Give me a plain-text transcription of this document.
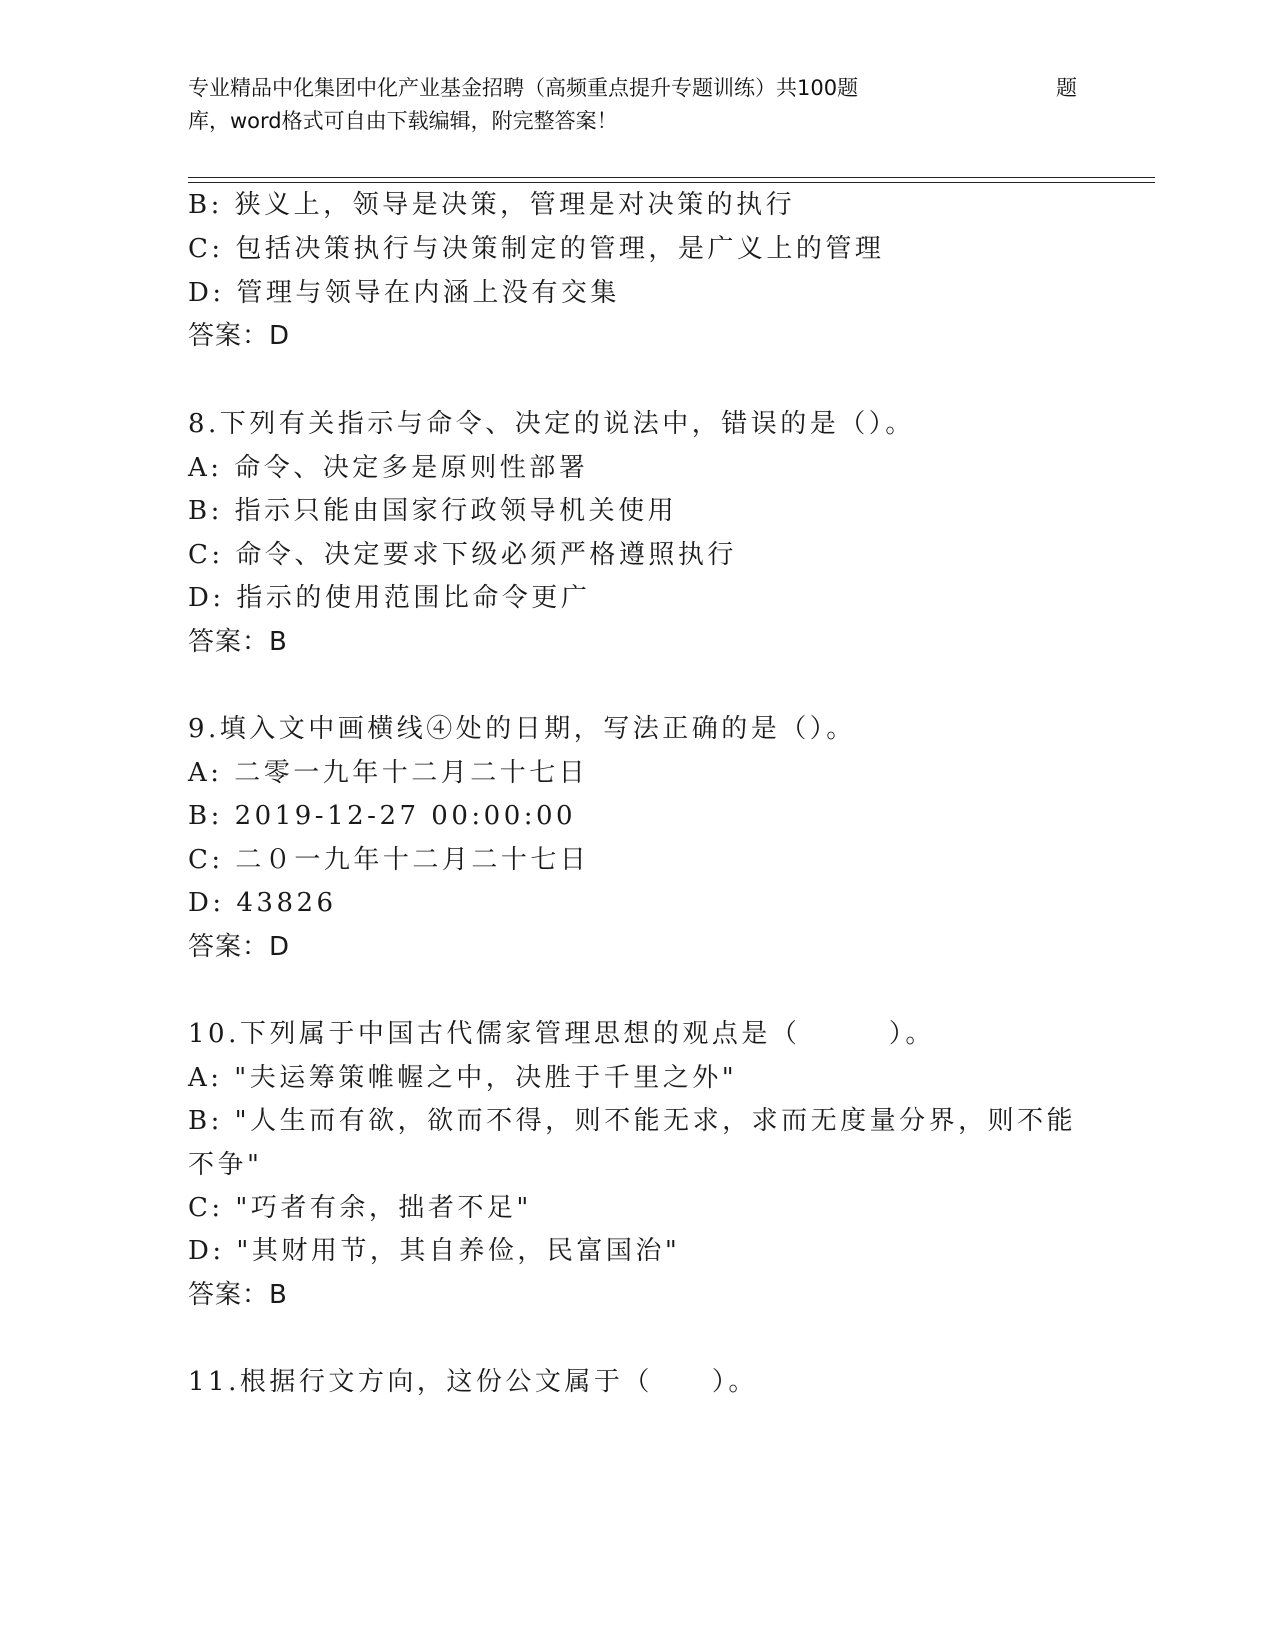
专业精品中化集团中化产业基金招聘（高频重点提升专题训练）共100题	题
库，word格式可自由下载编辑，附完整答案！
B: 狭义上，领导是决策，管理是对决策的执行
C: 包括决策执行与决策制定的管理，是广义上的管理
D: 管理与领导在内涵上没有交集
答案：D
8.下列有关指示与命令、决定的说法中，错误的是（）。
A: 命令、决定多是原则性部署
B: 指示只能由国家行政领导机关使用
C: 命令、决定要求下级必须严格遵照执行
D: 指示的使用范围比命令更广
答案：B
9.填入文中画横线④处的日期，写法正确的是（）。
A: 二零一九年十二月二十七日
B: 2019-12-27 00:00:00
C: 二０一九年十二月二十七日
D: 43826
答案：D
10.下列属于中国古代儒家管理思想的观点是（　　　）。
A: "夫运筹策帷幄之中，决胜于千里之外"
B: "人生而有欲，欲而不得，则不能无求，求而无度量分界，则不能
不争"
C: "巧者有余，拙者不足"
D: "其财用节，其自养俭，民富国治"
答案：B
11.根据行文方向，这份公文属于（　　）。
